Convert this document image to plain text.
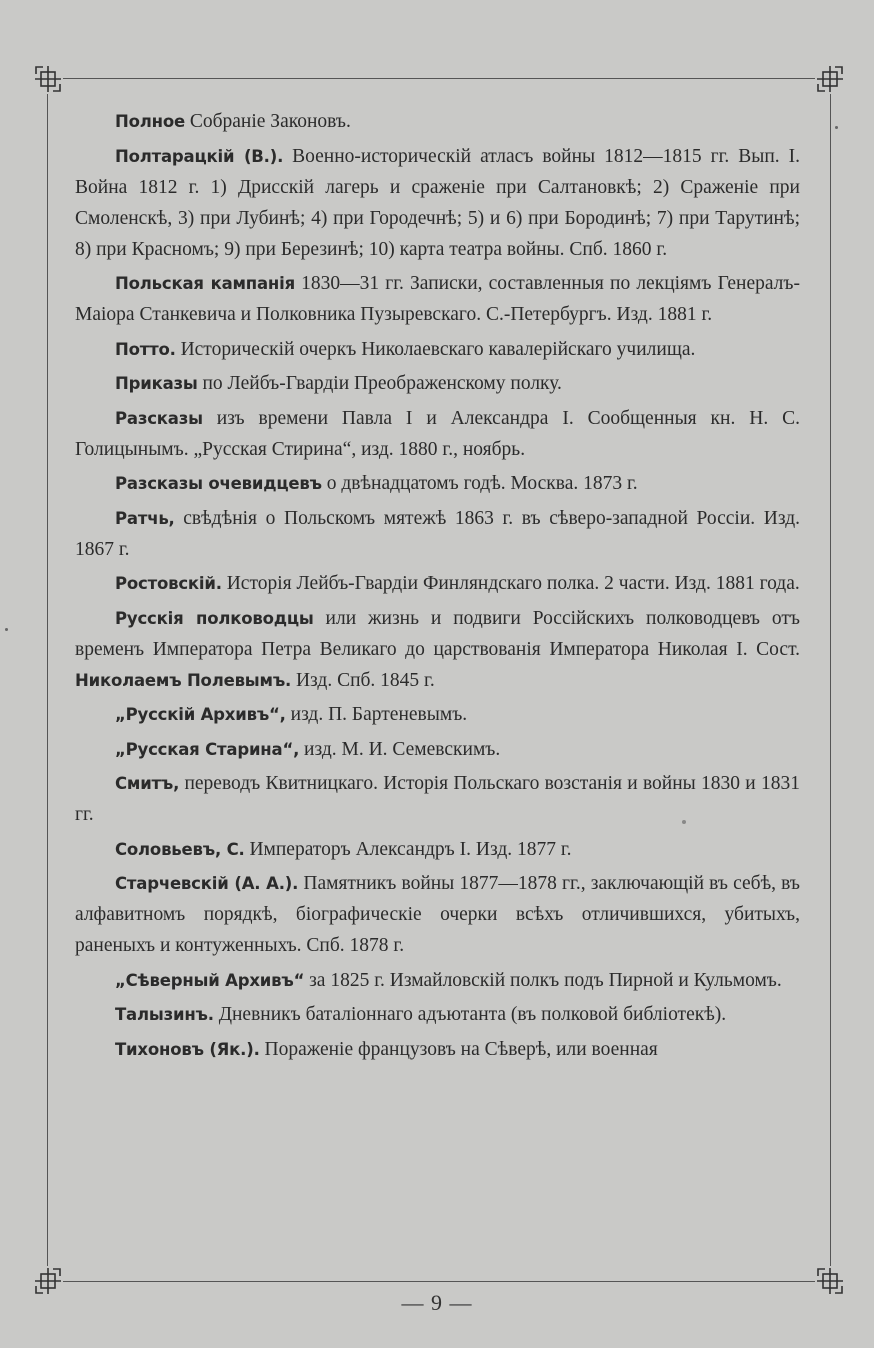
Полное Собраніе Законовъ.

Полтарацкій (В.). Военно-историческій атласъ войны 1812—1815 гг. Вып. I. Война 1812 г. 1) Дрисскій лагерь и сраженіе при Салтановкѣ; 2) Сраженіе при Смоленскѣ, 3) при Лубинѣ; 4) при Городечнѣ; 5) и 6) при Бородинѣ; 7) при Тарутинѣ; 8) при Красномъ; 9) при Березинѣ; 10) карта театра войны. Спб. 1860 г.

Польская кампанія 1830—31 гг. Записки, составленныя по лекціямъ Генералъ-Маіора Станкевича и Полковника Пузыревскаго. С.-Петербургъ. Изд. 1881 г.

Потто. Историческій очеркъ Николаевскаго кавалерійскаго училища.

Приказы по Лейбъ-Гвардіи Преображенскому полку.

Разсказы изъ времени Павла I и Александра I. Сообщенныя кн. Н. С. Голицынымъ. „Русская Стирина“, изд. 1880 г., ноябрь.

Разсказы очевидцевъ о двѣнадцатомъ годѣ. Москва. 1873 г.

Ратчь, свѣдѣнія о Польскомъ мятежѣ 1863 г. въ сѣверо-западной Россіи. Изд. 1867 г.

Ростовскій. Исторія Лейбъ-Гвардіи Финляндскаго полка. 2 части. Изд. 1881 года.

Русскія полководцы или жизнь и подвиги Россійскихъ полководцевъ отъ временъ Императора Петра Великаго до царствованія Императора Николая I. Сост. Николаемъ Полевымъ. Изд. Спб. 1845 г.

„Русскій Архивъ“, изд. П. Бартеневымъ.

„Русская Старина“, изд. М. И. Семевскимъ.

Смитъ, переводъ Квитницкаго. Исторія Польскаго возстанія и войны 1830 и 1831 гг.

Соловьевъ, С. Императоръ Александръ I. Изд. 1877 г.

Старчевскій (А. А.). Памятникъ войны 1877—1878 гг., заключающій въ себѣ, въ алфавитномъ порядкѣ, біографическіе очерки всѣхъ отличившихся, убитыхъ, раненыхъ и контуженныхъ. Спб. 1878 г.

„Сѣверный Архивъ“ за 1825 г. Измайловскій полкъ подъ Пирной и Кульмомъ.

Талызинъ. Дневникъ баталіоннаго адъютанта (въ полковой библіотекѣ).

Тихоновъ (Як.). Пораженіе французовъ на Сѣверѣ, или военная

— 9 —
